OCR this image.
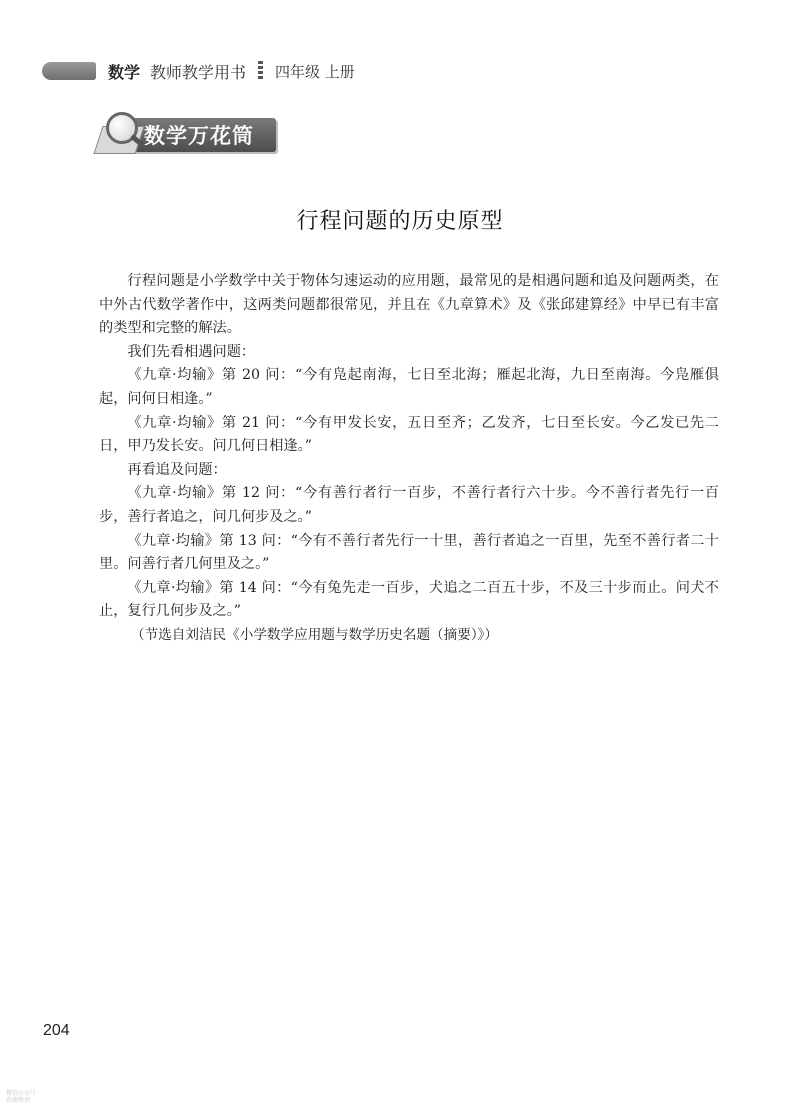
数学 教师教学用书 四年级 上册
数学万花筒
行程问题的历史原型

行程问题是小学数学中关于物体匀速运动的应用题，最常见的是相遇问题和追及问题两类，在中外古代数学著作中，这两类问题都很常见，并且在《九章算术》及《张邱建算经》中早已有丰富的类型和完整的解法。

我们先看相遇问题：

《九章·均输》第 20 问：“今有凫起南海，七日至北海；雁起北海，九日至南海。今凫雁俱起，问何日相逢。”

《九章·均输》第 21 问：“今有甲发长安，五日至齐；乙发齐，七日至长安。今乙发已先二日，甲乃发长安。问几何日相逢。”

再看追及问题：

《九章·均输》第 12 问：“今有善行者行一百步，不善行者行六十步。今不善行者先行一百步，善行者追之，问几何步及之。”

《九章·均输》第 13 问：“今有不善行者先行一十里，善行者追之一百里，先至不善行者二十里。问善行者几何里及之。”

《九章·均输》第 14 问：“今有兔先走一百步，犬追之二百五十步，不及三十步而止。问犬不止，复行几何步及之。”

（节选自刘洁民《小学数学应用题与数学历史名题（摘要）》）

204
微信公众号
资源整理
